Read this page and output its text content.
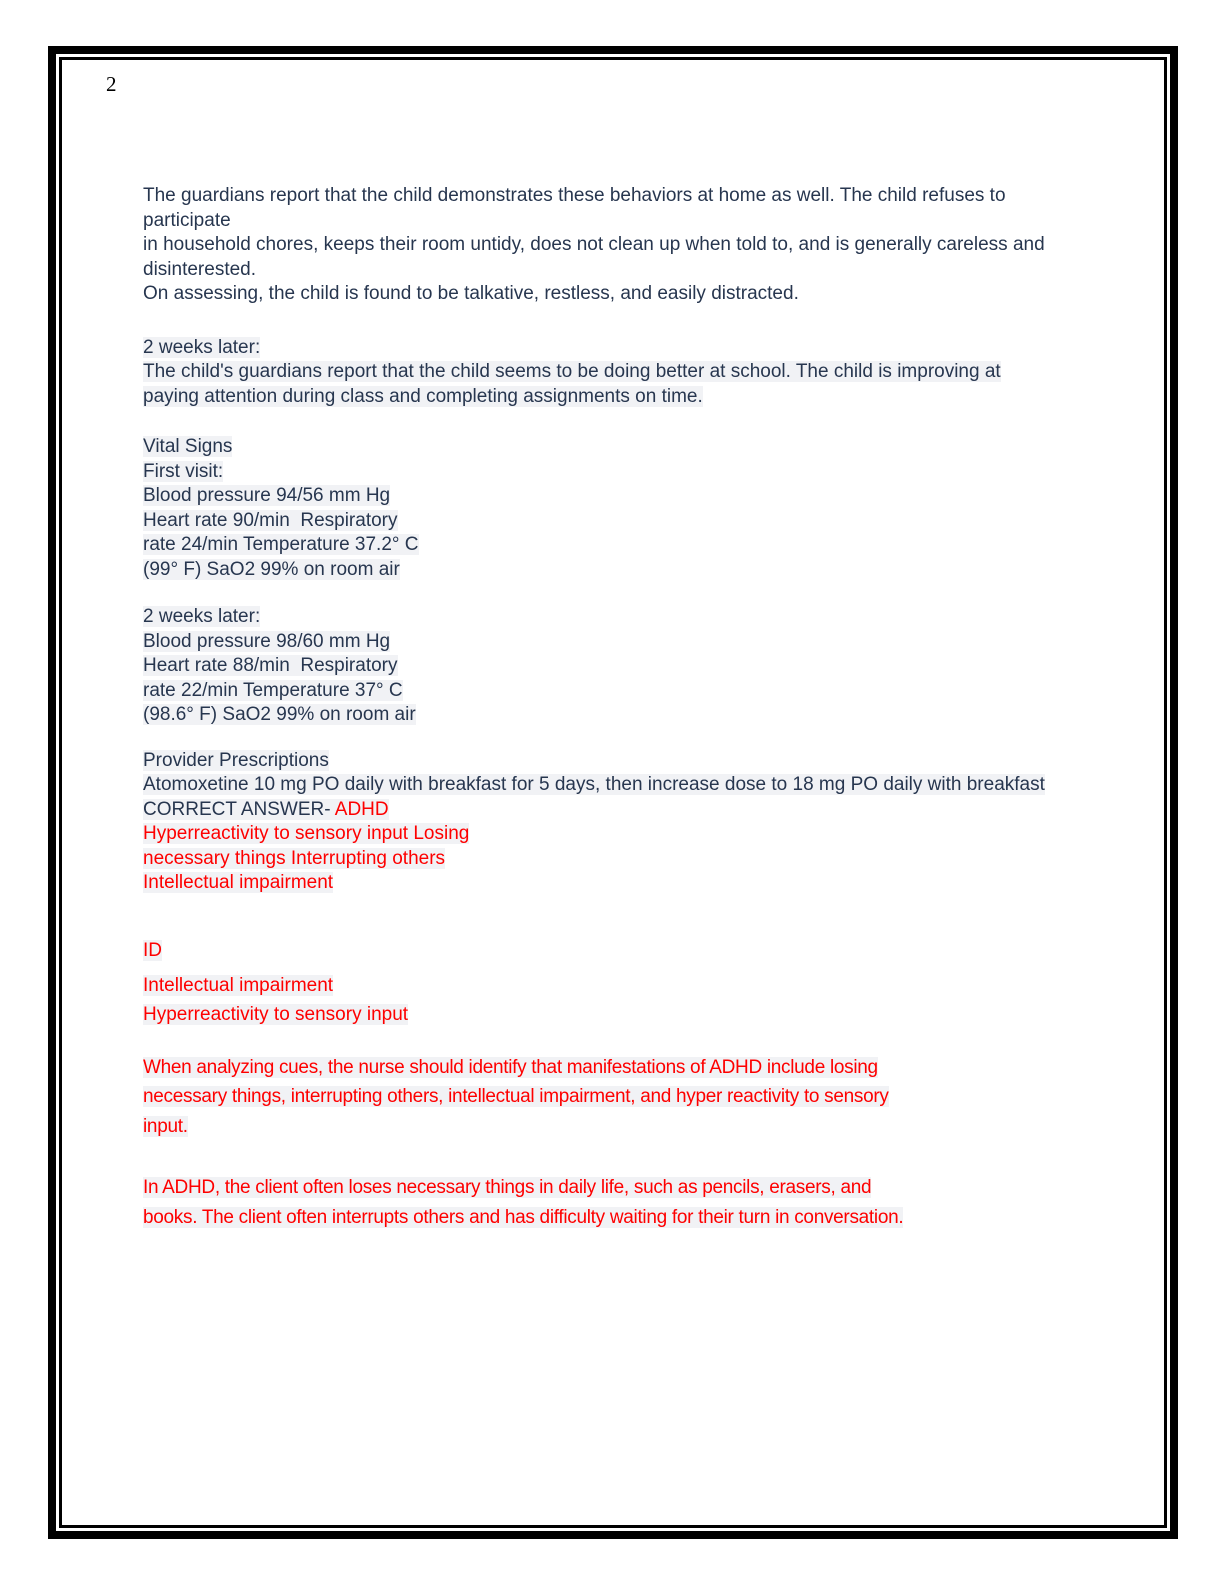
2
The guardians report that the child demonstrates these behaviors at home as well. The child refuses to participate
in household chores, keeps their room untidy, does not clean up when told to, and is generally careless and
disinterested.
On assessing, the child is found to be talkative, restless, and easily distracted.
2 weeks later:
The child's guardians report that the child seems to be doing better at school. The child is improving at
paying attention during class and completing assignments on time.
Vital Signs
First visit:
Blood pressure 94/56 mm Hg
Heart rate 90/min  Respiratory
rate 24/min Temperature 37.2° C
(99° F) SaO2 99% on room air
2 weeks later:
Blood pressure 98/60 mm Hg
Heart rate 88/min  Respiratory
rate 22/min Temperature 37° C
(98.6° F) SaO2 99% on room air
Provider Prescriptions
Atomoxetine 10 mg PO daily with breakfast for 5 days, then increase dose to 18 mg PO daily with breakfast
CORRECT ANSWER- ADHD
Hyperreactivity to sensory input Losing
necessary things Interrupting others
Intellectual impairment
ID
Intellectual impairment
Hyperreactivity to sensory input
When analyzing cues, the nurse should identify that manifestations of ADHD include losing
necessary things, interrupting others, intellectual impairment, and hyper reactivity to sensory
input.
In ADHD, the client often loses necessary things in daily life, such as pencils, erasers, and
books. The client often interrupts others and has difficulty waiting for their turn in conversation.
